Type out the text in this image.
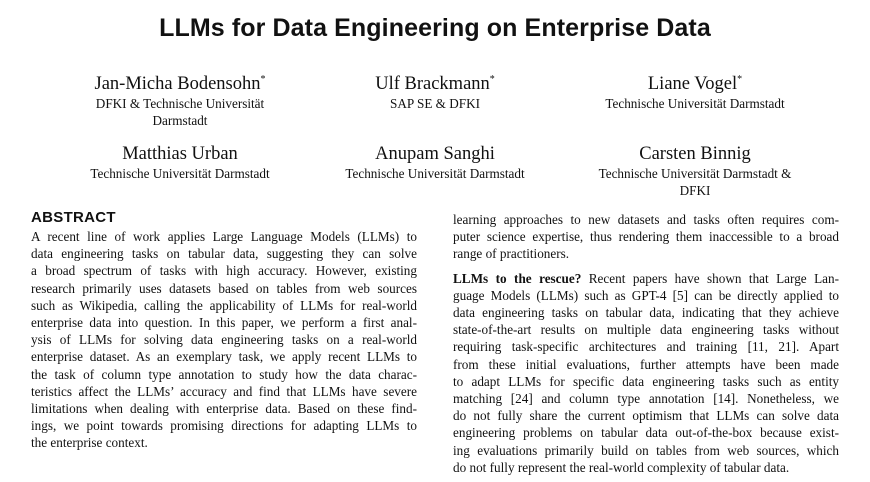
LLMs for Data Engineering on Enterprise Data
Jan-Micha Bodensohn*
DFKI & Technische Universität
Darmstadt
Ulf Brackmann*
SAP SE & DFKI
Liane Vogel*
Technische Universität Darmstadt
Matthias Urban
Technische Universität Darmstadt
Anupam Sanghi
Technische Universität Darmstadt
Carsten Binnig
Technische Universität Darmstadt &
DFKI
ABSTRACT

A recent line of work applies Large Language Models (LLMs) to

data engineering tasks on tabular data, suggesting they can solve

a broad spectrum of tasks with high accuracy. However, existing

research primarily uses datasets based on tables from web sources

such as Wikipedia, calling the applicability of LLMs for real-world

enterprise data into question. In this paper, we perform a first anal-

ysis of LLMs for solving data engineering tasks on a real-world

enterprise dataset. As an exemplary task, we apply recent LLMs to

the task of column type annotation to study how the data charac-

teristics affect the LLMs’ accuracy and find that LLMs have severe

limitations when dealing with enterprise data. Based on these find-

ings, we point towards promising directions for adapting LLMs to

the enterprise context.

learning approaches to new datasets and tasks often requires com-

puter science expertise, thus rendering them inaccessible to a broad

range of practitioners.

LLMs to the rescue? Recent papers have shown that Large Lan-

guage Models (LLMs) such as GPT-4 [5] can be directly applied to

data engineering tasks on tabular data, indicating that they achieve

state-of-the-art results on multiple data engineering tasks without

requiring task-specific architectures and training [11, 21]. Apart

from these initial evaluations, further attempts have been made

to adapt LLMs for specific data engineering tasks such as entity

matching [24] and column type annotation [14]. Nonetheless, we

do not fully share the current optimism that LLMs can solve data

engineering problems on tabular data out-of-the-box because exist-

ing evaluations primarily build on tables from web sources, which

do not fully represent the real-world complexity of tabular data.
